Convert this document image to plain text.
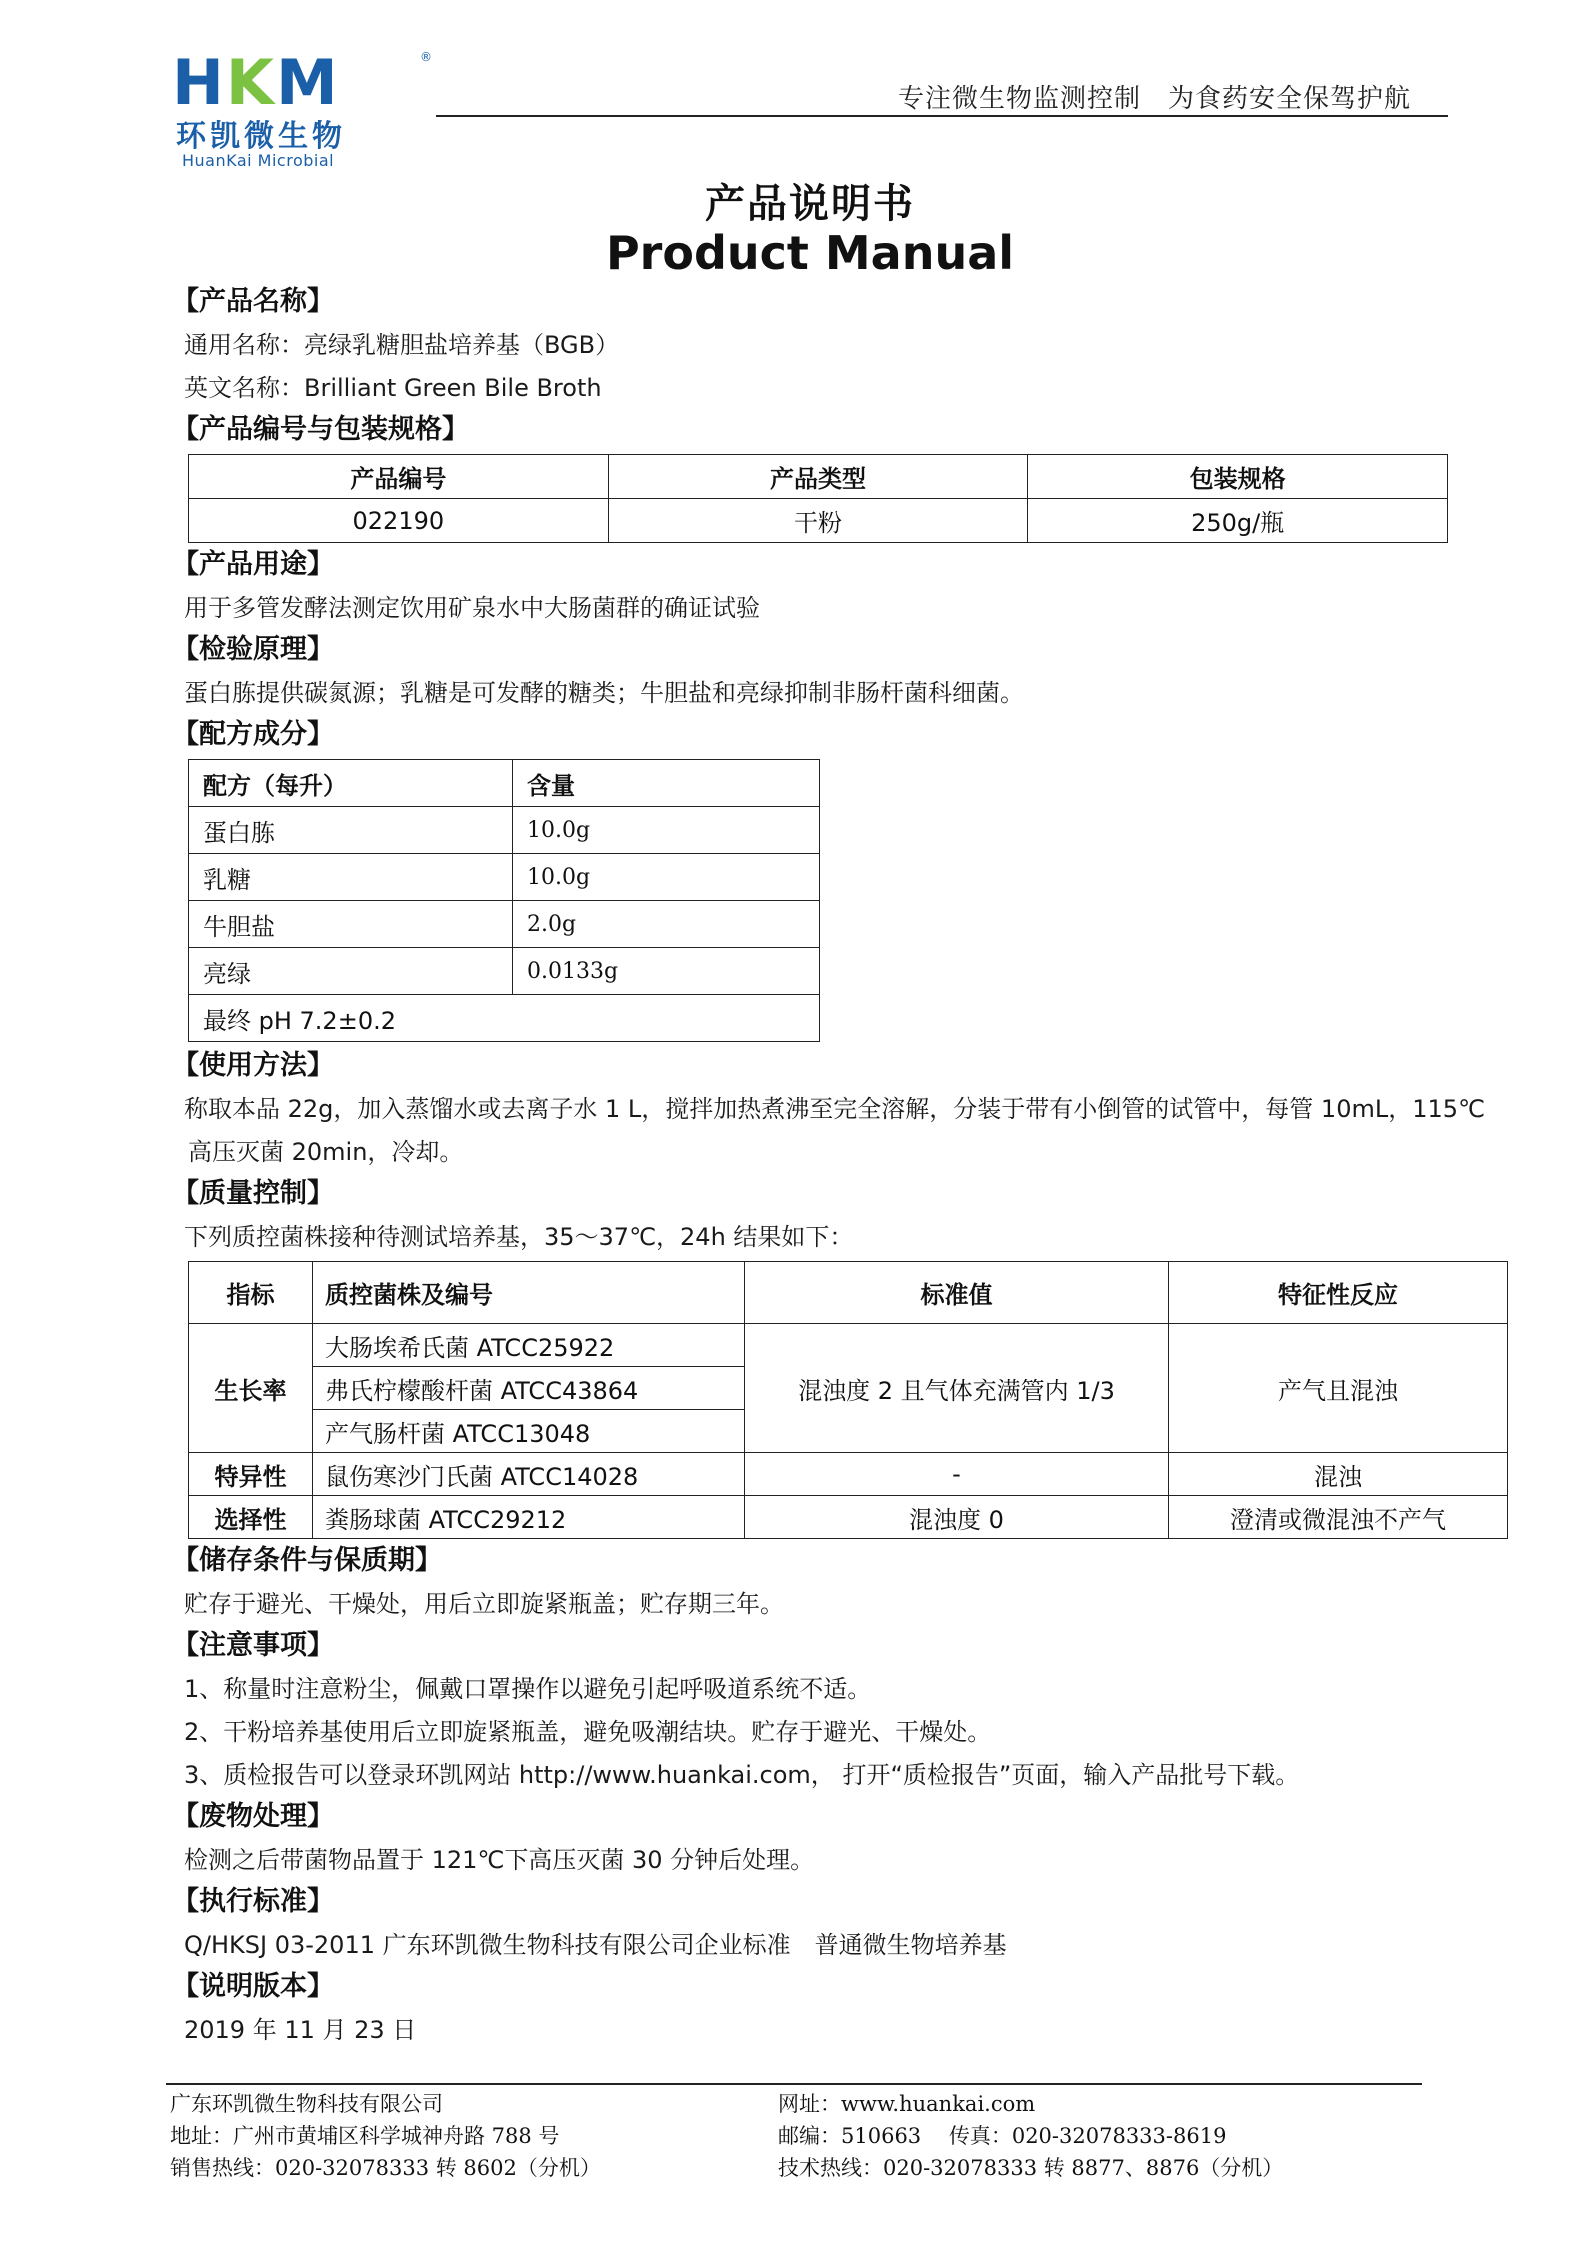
HKM	®
环凯微生物
HuanKai Microbial
专注微生物监测控制　为食药安全保驾护航
产品说明书
Product Manual
【产品名称】
通用名称：亮绿乳糖胆盐培养基（BGB）
英文名称：Brilliant Green Bile Broth
【产品编号与包装规格】
产品编号	产品类型	包装规格
022190	干粉	250g/瓶
【产品用途】
用于多管发酵法测定饮用矿泉水中大肠菌群的确证试验
【检验原理】
蛋白胨提供碳氮源；乳糖是可发酵的糖类；牛胆盐和亮绿抑制非肠杆菌科细菌。
【配方成分】
配方（每升）	含量
蛋白胨	10.0g
乳糖	10.0g
牛胆盐	2.0g
亮绿	0.0133g
最终 pH 7.2±0.2	
【使用方法】
称取本品 22g，加入蒸馏水或去离子水 1 L，搅拌加热煮沸至完全溶解，分装于带有小倒管的试管中，每管 10mL，115℃
高压灭菌 20min，冷却。
【质量控制】
下列质控菌株接种待测试培养基，35～37℃，24h 结果如下：
指标	质控菌株及编号	标准值	特征性反应
生长率	大肠埃希氏菌 ATCC25922	混浊度 2 且气体充满管内 1/3	产气且混浊
	弗氏柠檬酸杆菌 ATCC43864		
	产气肠杆菌 ATCC13048		
特异性	鼠伤寒沙门氏菌 ATCC14028	-	混浊
选择性	粪肠球菌 ATCC29212	混浊度 0	澄清或微混浊不产气
【储存条件与保质期】
贮存于避光、干燥处，用后立即旋紧瓶盖；贮存期三年。
【注意事项】
1、称量时注意粉尘，佩戴口罩操作以避免引起呼吸道系统不适。
2、干粉培养基使用后立即旋紧瓶盖，避免吸潮结块。贮存于避光、干燥处。
3、质检报告可以登录环凯网站 http://www.huankai.com， 打开“质检报告”页面，输入产品批号下载。
【废物处理】
检测之后带菌物品置于 121℃下高压灭菌 30 分钟后处理。
【执行标准】
Q/HKSJ 03-2011 广东环凯微生物科技有限公司企业标准　普通微生物培养基
【说明版本】
2019 年 11 月 23 日
广东环凯微生物科技有限公司
地址：广州市黄埔区科学城神舟路 788 号
销售热线：020-32078333 转 8602（分机）
网址：www.huankai.com
邮编：510663　 传真：020-32078333-8619
技术热线：020-32078333 转 8877、8876（分机）
